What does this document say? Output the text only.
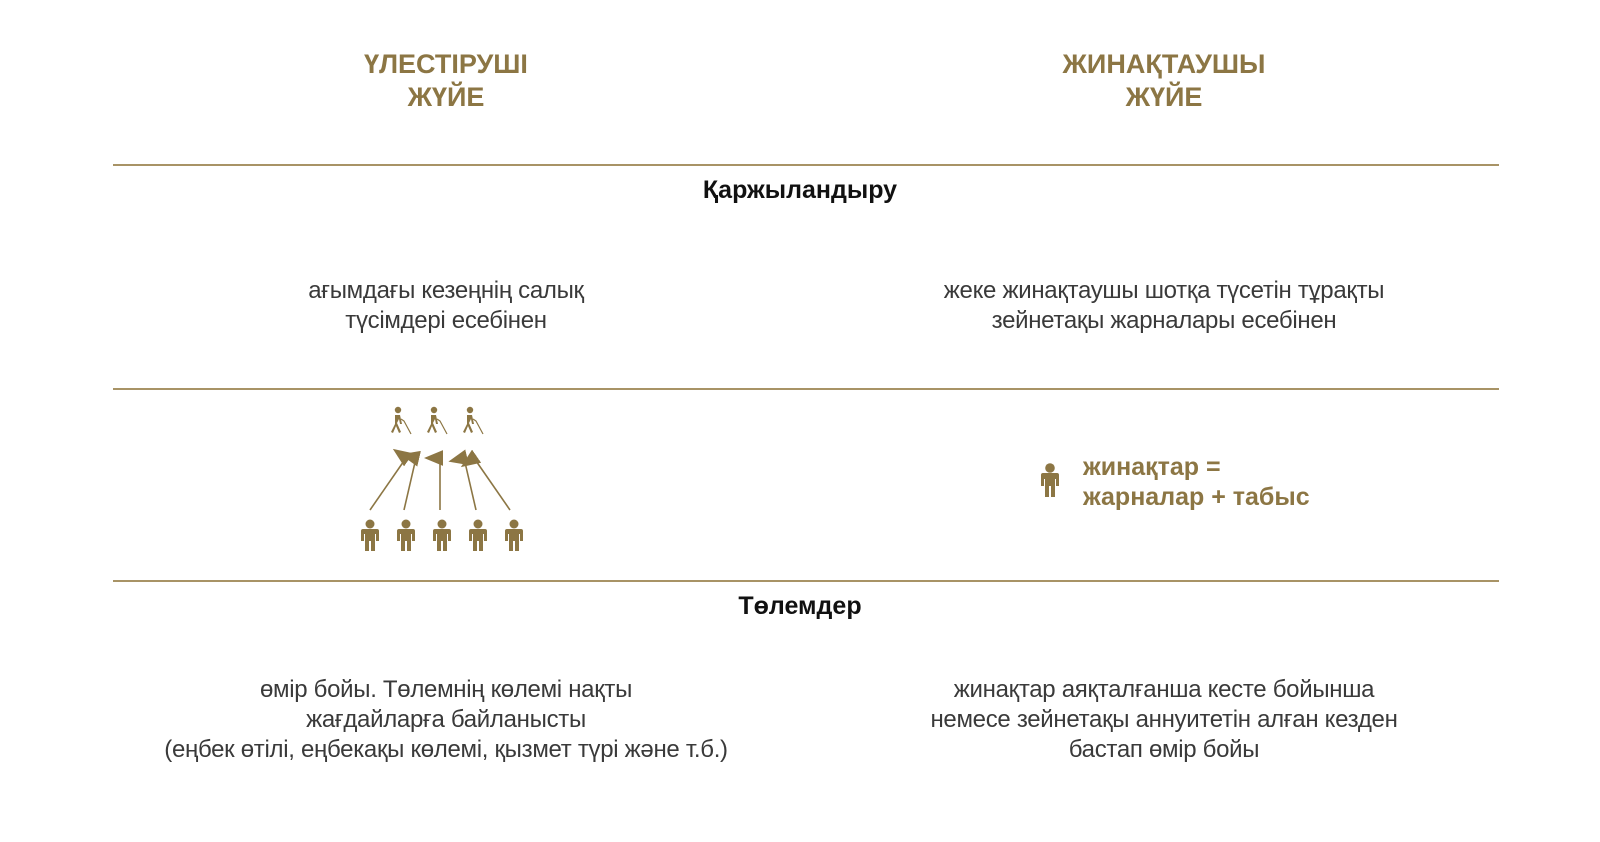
ҮЛЕСТІРУШІ
ЖҮЙЕ
ЖИНАҚТАУШЫ
ЖҮЙЕ
Қаржыландыру
ағымдағы кезеңнің салық
түсімдері есебінен
жеке жинақтаушы шотқа түсетін тұрақты
зейнетақы жарналары есебінен
жинақтар =
жарналар + табыс
Төлемдер
өмір бойы. Төлемнің көлемі нақты
жағдайларға байланысты
(еңбек өтілі, еңбекақы көлемі, қызмет түрі және т.б.)
жинақтар аяқталғанша кесте бойынша
немесе зейнетақы аннуитетін алған кезден
бастап өмір бойы
